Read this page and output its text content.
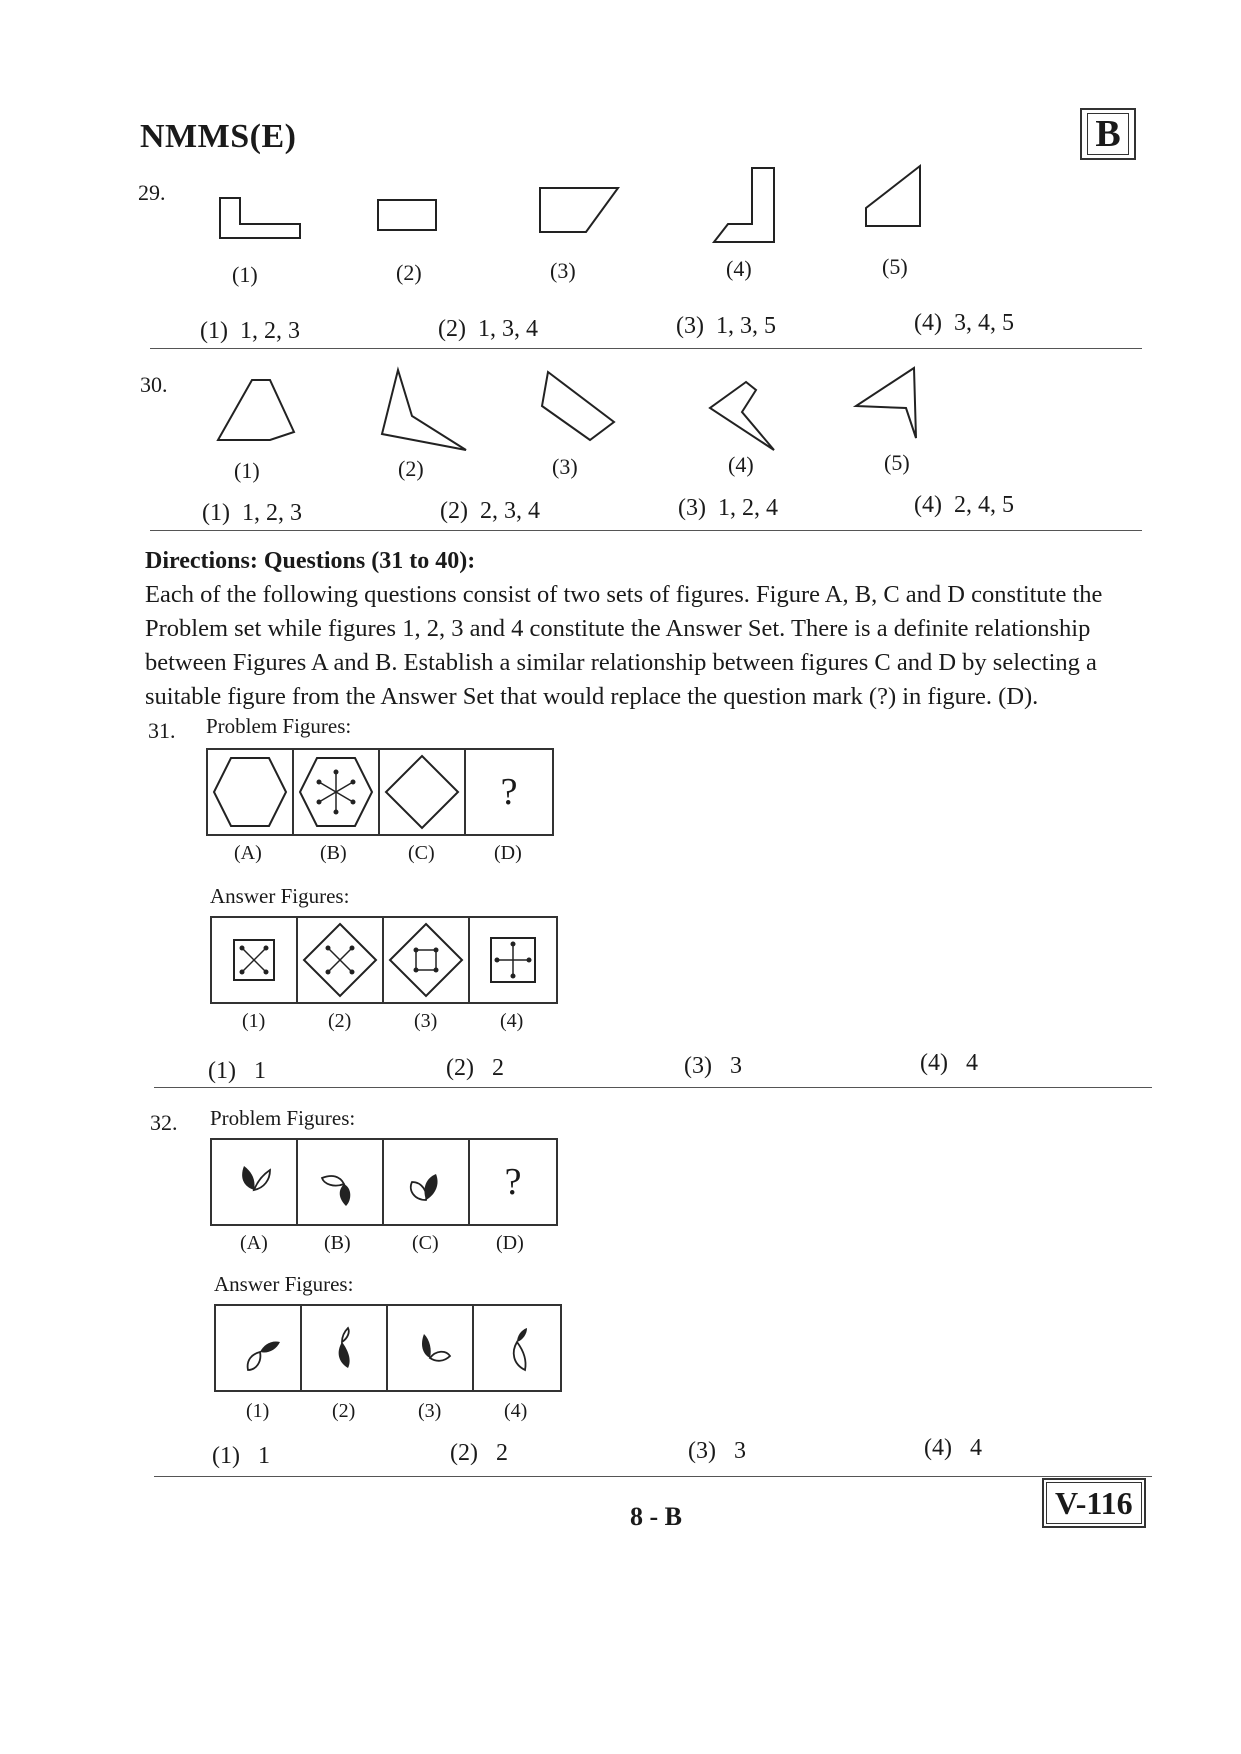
NMMS(E)	B
29.
(1)	(2)	(3)	(4)	(5)
(1) 1, 2, 3	(2) 1, 3, 4	(3) 1, 3, 5	(4) 3, 4, 5
30.
(1)	(2)	(3)	(4)	(5)
(1) 1, 2, 3	(2) 2, 3, 4	(3) 1, 2, 4	(4) 2, 4, 5
Directions: Questions (31 to 40):
Each of the following questions consist of two sets of figures. Figure A, B, C and D constitute the Problem set while figures 1, 2, 3 and 4 constitute the Answer Set. There is a definite relationship between Figures A and B. Establish a similar relationship between figures C and D by selecting a suitable figure from the Answer Set that would replace the question mark (?) in figure. (D).
31. Problem Figures:
?
(A)	(B)	(C)	(D)
Answer Figures:
(1)	(2)	(3)	(4)
(1) 1	(2) 2	(3) 3	(4) 4
32. Problem Figures:
?
(A)	(B)	(C)	(D)
Answer Figures:
(1)	(2)	(3)	(4)
(1) 1	(2) 2	(3) 3	(4) 4
8 - B	V-116
